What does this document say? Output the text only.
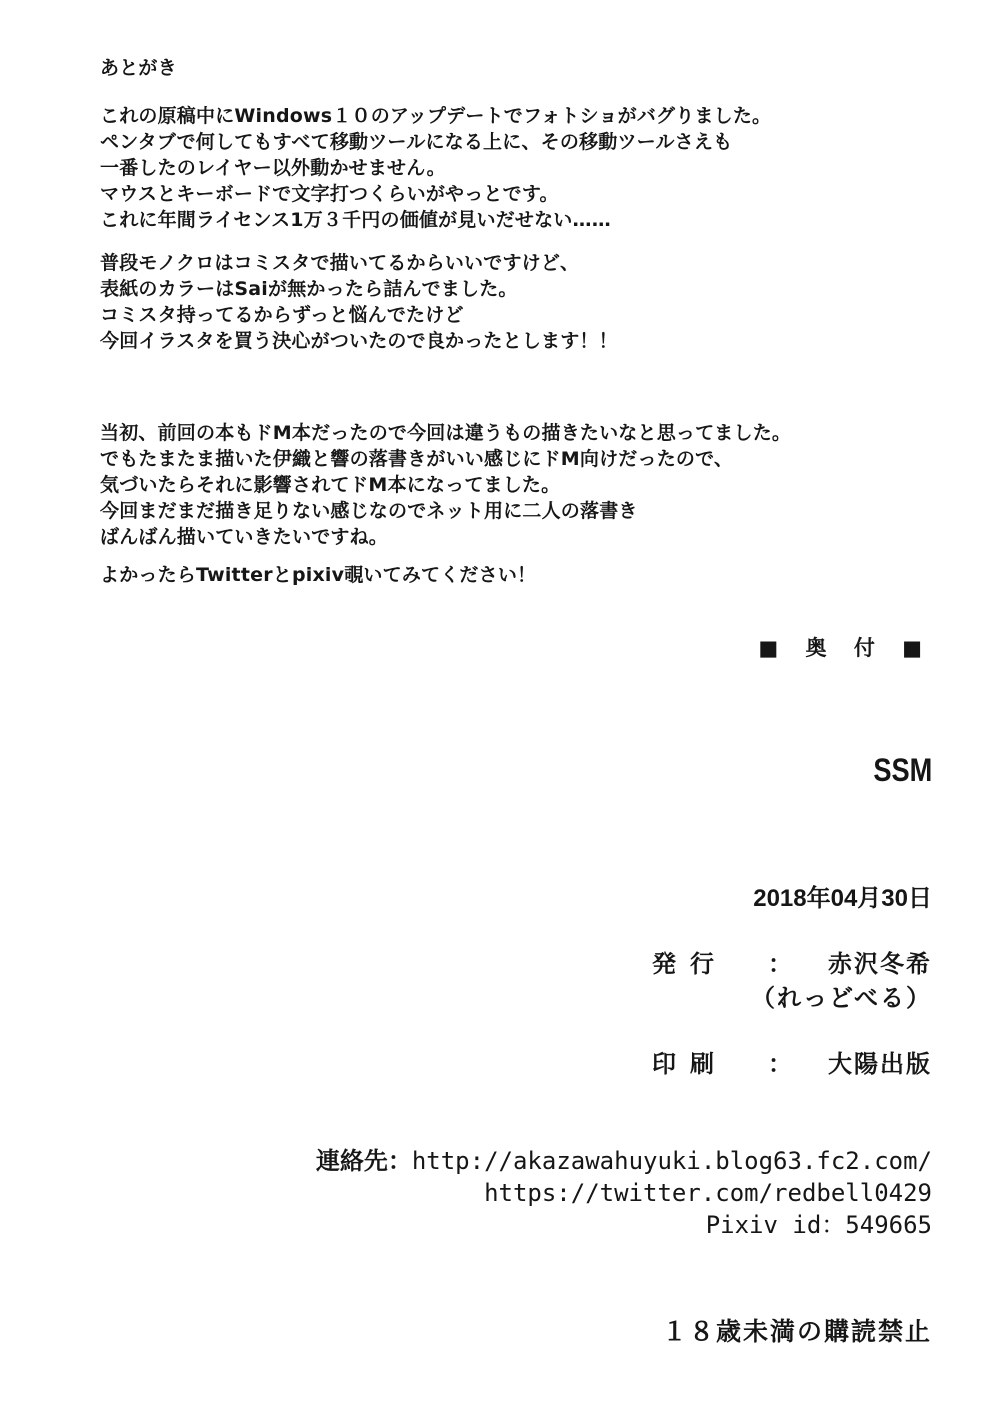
あとがき
これの原稿中にWindows１０のアップデートでフォトショがバグりました。
ペンタブで何してもすべて移動ツールになる上に、その移動ツールさえも
一番したのレイヤー以外動かせません。
マウスとキーボードで文字打つくらいがやっとです。
これに年間ライセンス1万３千円の価値が見いだせない……
普段モノクロはコミスタで描いてるからいいですけど、
表紙のカラーはSaiが無かったら詰んでました。
コミスタ持ってるからずっと悩んでたけど
今回イラスタを買う決心がついたので良かったとします！！
当初、前回の本もドM本だったので今回は違うもの描きたいなと思ってました。
でもたまたま描いた伊織と響の落書きがいい感じにドM向けだったので、
気づいたらそれに影響されてドM本になってました。
今回まだまだ描き足りない感じなのでネット用に二人の落書き
ばんばん描いていきたいですね。
よかったらTwitterとpixiv覗いてみてください！
■ 奥 付 ■
SSM
2018年04月30日
発行 ： 赤沢冬希
（れっどべる）
印刷 ： 大陽出版
連絡先：http://akazawahuyuki.blog63.fc2.com/
https://twitter.com/redbell0429
Pixiv id：549665
１８歳未満の購読禁止
